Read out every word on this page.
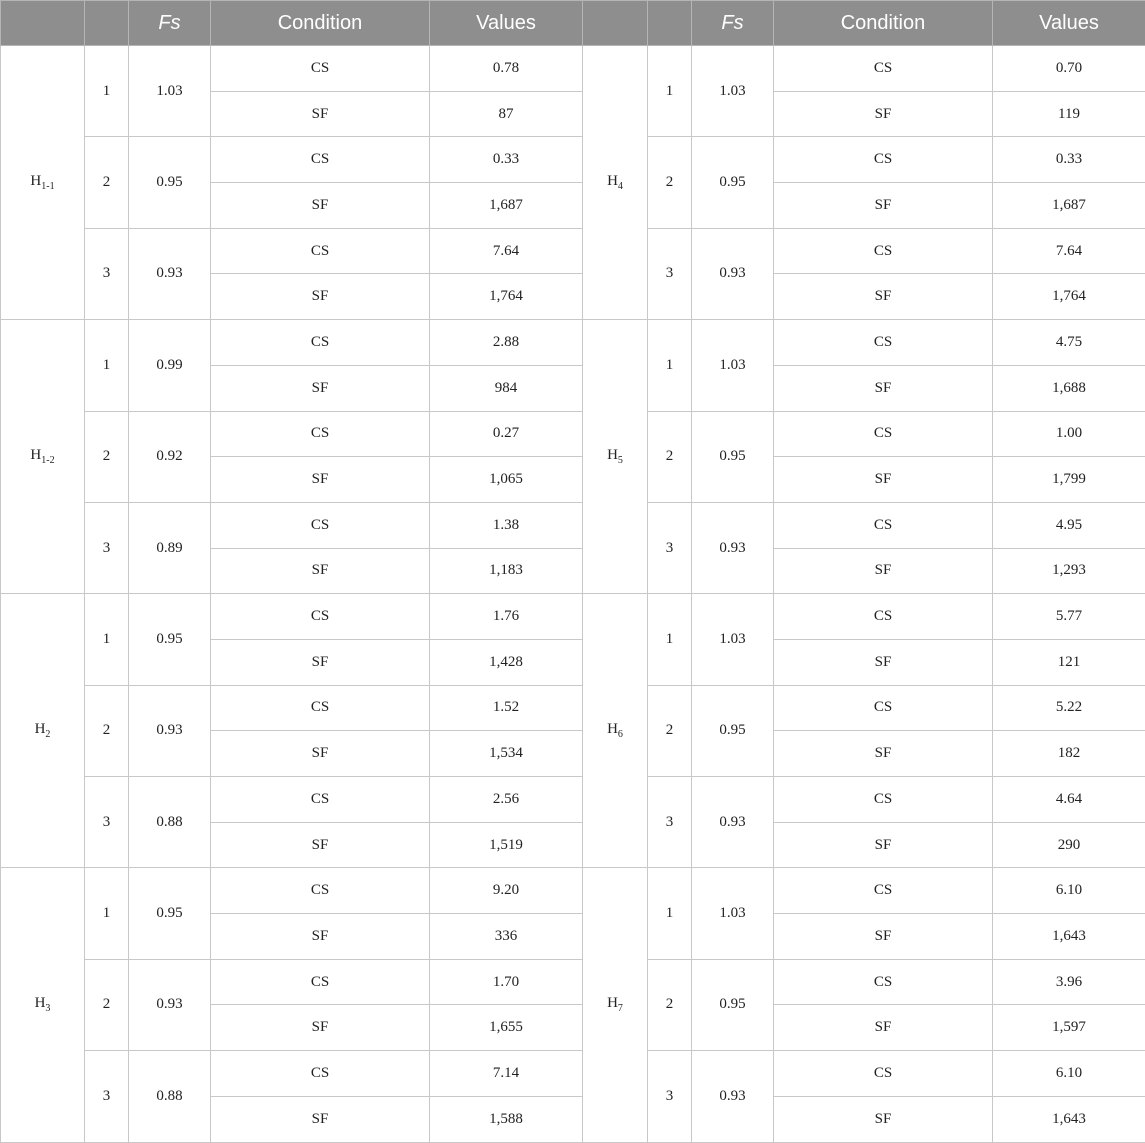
		Fs	Condition	Values			Fs	Condition	Values
$H_{1-1}$	1	1.03	CS	0.78	$H_4$	1	1.03	CS	0.70
			SF	87				SF	119
	2	0.95	CS	0.33		2	0.95	CS	0.33
			SF	1,687				SF	1,687
	3	0.93	CS	7.64		3	0.93	CS	7.64
			SF	1,764				SF	1,764
$H_{1-2}$	1	0.99	CS	2.88	$H_5$	1	1.03	CS	4.75
			SF	984				SF	1,688
	2	0.92	CS	0.27		2	0.95	CS	1.00
			SF	1,065				SF	1,799
	3	0.89	CS	1.38		3	0.93	CS	4.95
			SF	1,183				SF	1,293
$H_2$	1	0.95	CS	1.76	$H_6$	1	1.03	CS	5.77
			SF	1,428				SF	121
	2	0.93	CS	1.52		2	0.95	CS	5.22
			SF	1,534				SF	182
	3	0.88	CS	2.56		3	0.93	CS	4.64
			SF	1,519				SF	290
$H_3$	1	0.95	CS	9.20	$H_7$	1	1.03	CS	6.10
			SF	336				SF	1,643
	2	0.93	CS	1.70		2	0.95	CS	3.96
			SF	1,655				SF	1,597
	3	0.88	CS	7.14		3	0.93	CS	6.10
			SF	1,588				SF	1,643
